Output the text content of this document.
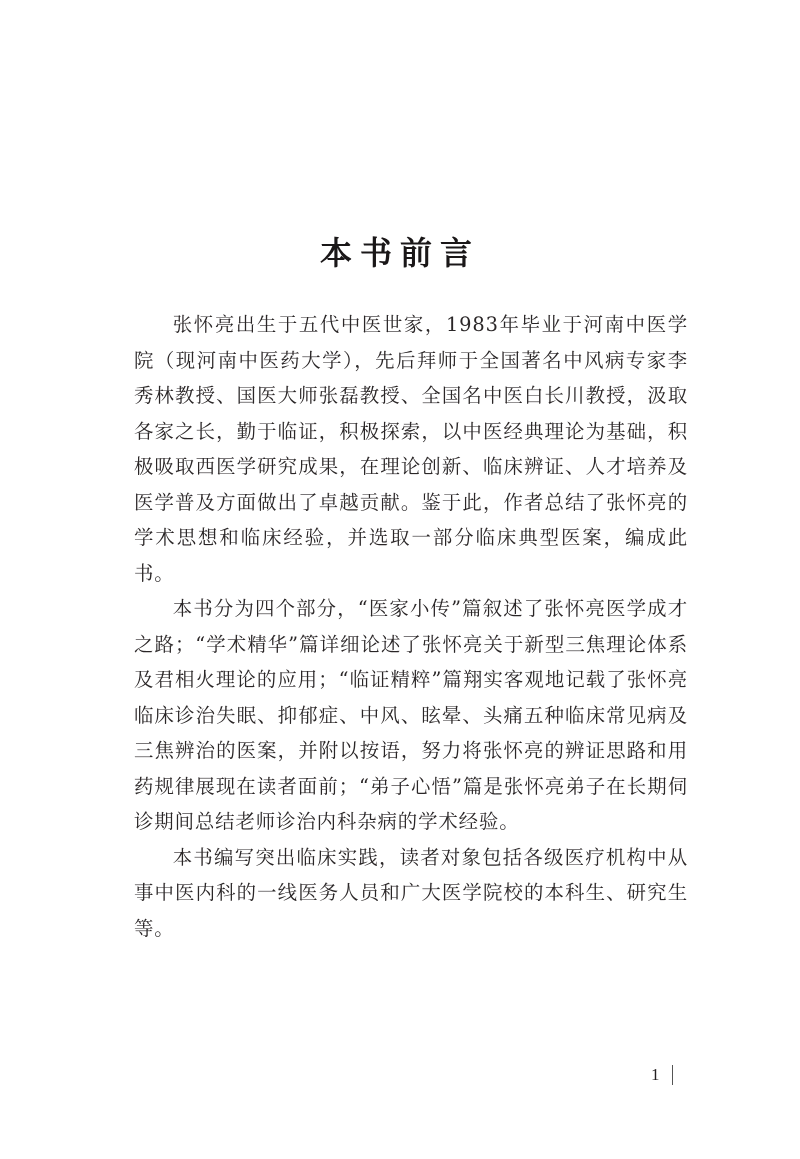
本书前言

张怀亮出生于五代中医世家，1983年毕业于河南中医学院（现河南中医药大学），先后拜师于全国著名中风病专家李秀林教授、国医大师张磊教授、全国名中医白长川教授，汲取各家之长，勤于临证，积极探索，以中医经典理论为基础，积极吸取西医学研究成果，在理论创新、临床辨证、人才培养及医学普及方面做出了卓越贡献。鉴于此，作者总结了张怀亮的学术思想和临床经验，并选取一部分临床典型医案，编成此书。

本书分为四个部分，“医家小传”篇叙述了张怀亮医学成才之路；“学术精华”篇详细论述了张怀亮关于新型三焦理论体系及君相火理论的应用；“临证精粹”篇翔实客观地记载了张怀亮临床诊治失眠、抑郁症、中风、眩晕、头痛五种临床常见病及三焦辨治的医案，并附以按语，努力将张怀亮的辨证思路和用药规律展现在读者面前；“弟子心悟”篇是张怀亮弟子在长期伺诊期间总结老师诊治内科杂病的学术经验。

本书编写突出临床实践，读者对象包括各级医疗机构中从事中医内科的一线医务人员和广大医学院校的本科生、研究生等。

1
